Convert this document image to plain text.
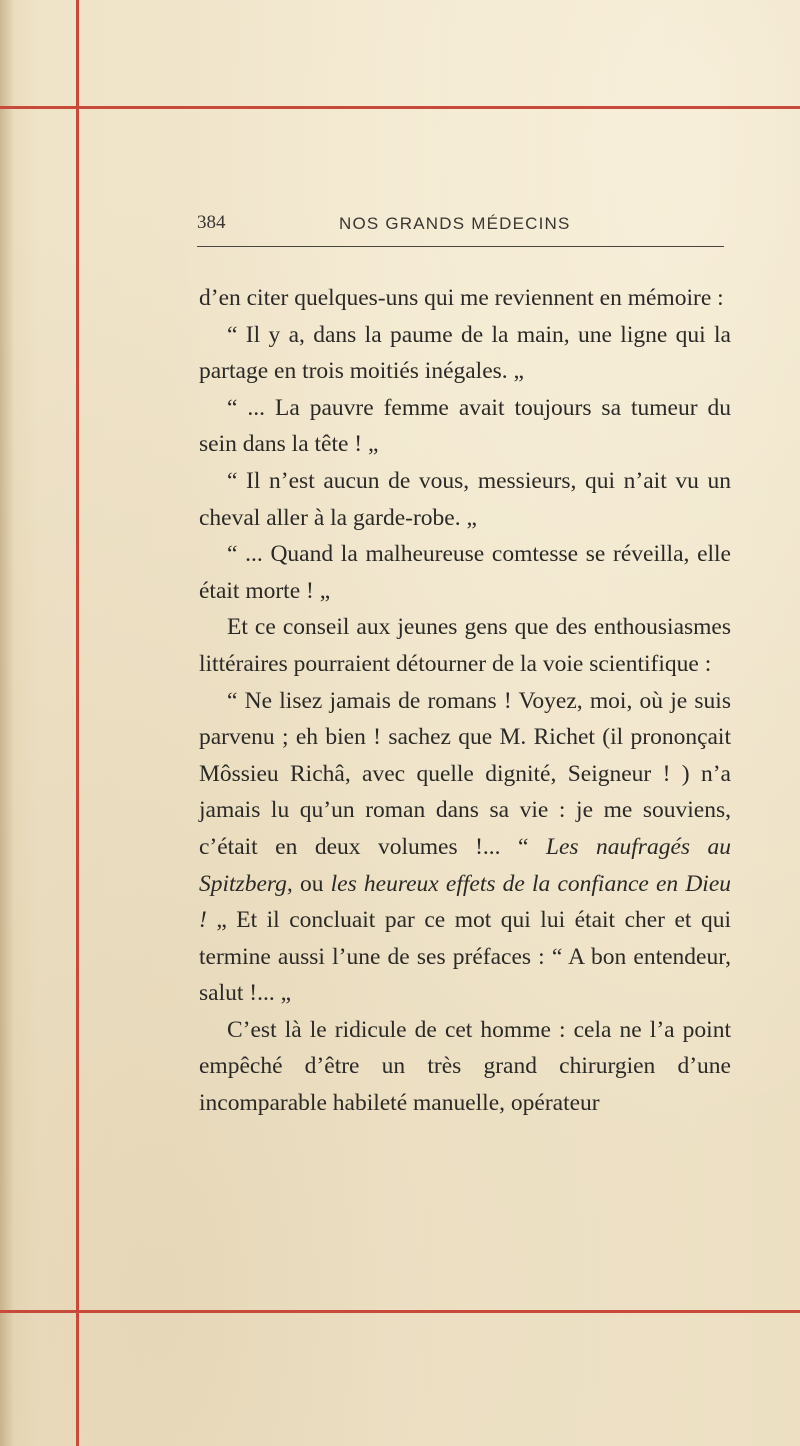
384	NOS GRANDS MÉDECINS

d’en citer quelques-uns qui me reviennent en mémoire :

“ Il y a, dans la paume de la main, une ligne qui la partage en trois moitiés inégales. „

“ ... La pauvre femme avait toujours sa tumeur du sein dans la tête ! „

“ Il n’est aucun de vous, messieurs, qui n’ait vu un cheval aller à la garde-robe. „

“ ... Quand la malheureuse comtesse se réveilla, elle était morte ! „

Et ce conseil aux jeunes gens que des enthousiasmes littéraires pourraient détourner de la voie scientifique :

“ Ne lisez jamais de romans ! Voyez, moi, où je suis parvenu ; eh bien ! sachez que M. Richet (il prononçait Môssieu Richâ, avec quelle dignité, Seigneur ! ) n’a jamais lu qu’un roman dans sa vie : je me souviens, c’était en deux volumes !... “ Les naufragés au Spitzberg, ou les heureux effets de la confiance en Dieu ! „ Et il concluait par ce mot qui lui était cher et qui termine aussi l’une de ses préfaces : “ A bon entendeur, salut !... „

C’est là le ridicule de cet homme : cela ne l’a point empêché d’être un très grand chirurgien d’une incomparable habileté manuelle, opérateur
